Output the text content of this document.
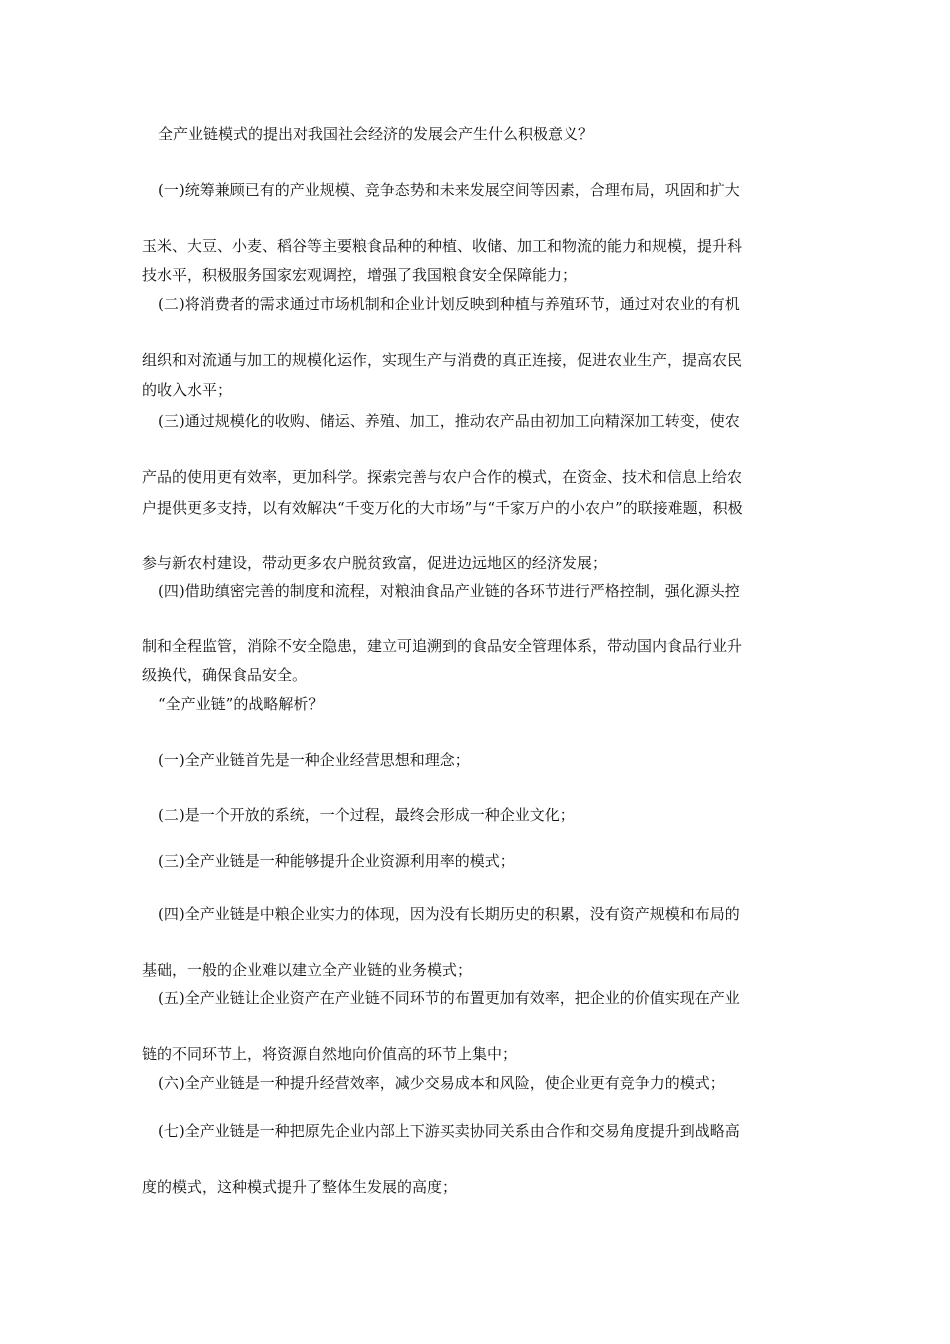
全产业链模式的提出对我国社会经济的发展会产生什么积极意义？

(一)统筹兼顾已有的产业规模、竞争态势和未来发展空间等因素，合理布局，巩固和扩大

玉米、大豆、小麦、稻谷等主要粮食品种的种植、收储、加工和物流的能力和规模，提升科

技水平，积极服务国家宏观调控，增强了我国粮食安全保障能力；

(二)将消费者的需求通过市场机制和企业计划反映到种植与养殖环节，通过对农业的有机

组织和对流通与加工的规模化运作，实现生产与消费的真正连接，促进农业生产，提高农民

的收入水平；

(三)通过规模化的收购、储运、养殖、加工，推动农产品由初加工向精深加工转变，使农

产品的使用更有效率，更加科学。探索完善与农户合作的模式，在资金、技术和信息上给农

户提供更多支持，以有效解决“千变万化的大市场”与“千家万户的小农户”的联接难题，积极

参与新农村建设，带动更多农户脱贫致富，促进边远地区的经济发展；

(四)借助缜密完善的制度和流程，对粮油食品产业链的各环节进行严格控制，强化源头控

制和全程监管，消除不安全隐患，建立可追溯到的食品安全管理体系，带动国内食品行业升

级换代，确保食品安全。

“全产业链”的战略解析？

(一)全产业链首先是一种企业经营思想和理念；

(二)是一个开放的系统，一个过程，最终会形成一种企业文化；

(三)全产业链是一种能够提升企业资源利用率的模式；

(四)全产业链是中粮企业实力的体现，因为没有长期历史的积累，没有资产规模和布局的

基础，一般的企业难以建立全产业链的业务模式；

(五)全产业链让企业资产在产业链不同环节的布置更加有效率，把企业的价值实现在产业

链的不同环节上，将资源自然地向价值高的环节上集中；

(六)全产业链是一种提升经营效率，减少交易成本和风险，使企业更有竞争力的模式；

(七)全产业链是一种把原先企业内部上下游买卖协同关系由合作和交易角度提升到战略高

度的模式，这种模式提升了整体生发展的高度；
